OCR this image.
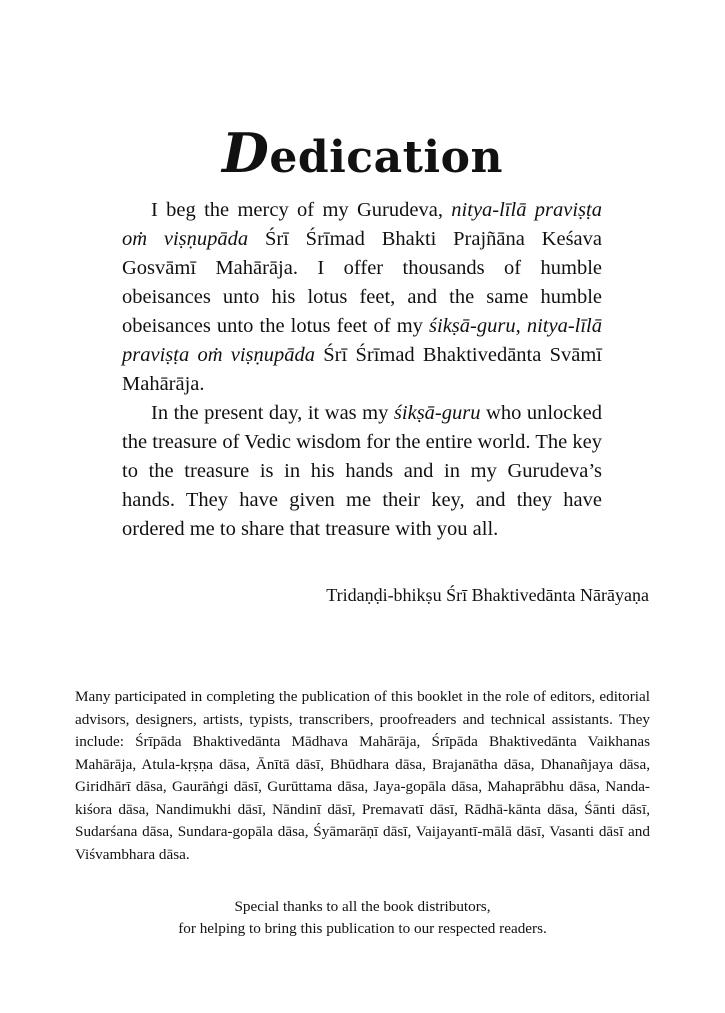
Dedication

I beg the mercy of my Gurudeva, nitya-līlā praviṣṭa oṁ viṣṇupāda Śrī Śrīmad Bhakti Prajñāna Keśava Gosvāmī Mahārāja. I offer thousands of humble obeisances unto his lotus feet, and the same humble obeisances unto the lotus feet of my śikṣā-guru, nitya-līlā praviṣṭa oṁ viṣṇupāda Śrī Śrīmad Bhaktivedānta Svāmī Mahārāja.

In the present day, it was my śikṣā-guru who unlocked the treasure of Vedic wisdom for the entire world. The key to the treasure is in his hands and in my Gurudeva’s hands. They have given me their key, and they have ordered me to share that treasure with you all.

Tridaṇḍi-bhikṣu Śrī Bhaktivedānta Nārāyaṇa

Many participated in completing the publication of this booklet in the role of editors, editorial advisors, designers, artists, typists, transcribers, proofreaders and technical assistants. They include: Śrīpāda Bhaktivedānta Mādhava Mahārāja, Śrīpāda Bhaktivedānta Vaikhanas Mahārāja, Atula-kṛṣṇa dāsa, Ānītā dāsī, Bhūdhara dāsa, Brajanātha dāsa, Dhanañjaya dāsa, Giridhārī dāsa, Gaurāṅgi dāsī, Gurūttama dāsa, Jaya-gopāla dāsa, Mahaprābhu dāsa, Nanda-kiśora dāsa, Nandimukhi dāsī, Nāndinī dāsī, Premavatī dāsī, Rādhā-kānta dāsa, Śānti dāsī, Sudarśana dāsa, Sundara-gopāla dāsa, Śyāmarāṇī dāsī, Vaijayantī-mālā dāsī, Vasanti dāsī and Viśvambhara dāsa.

Special thanks to all the book distributors,

for helping to bring this publication to our respected readers.
